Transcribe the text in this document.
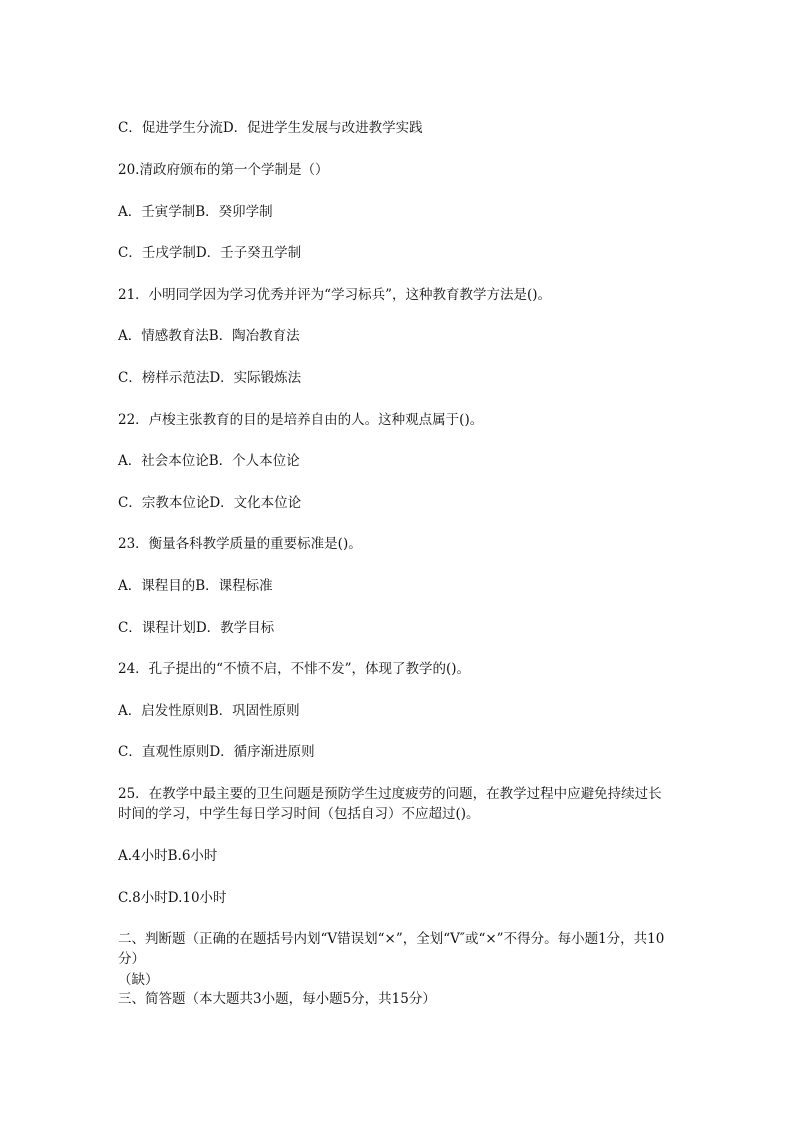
C．促进学生分流D．促进学生发展与改进教学实践
20.清政府颁布的第一个学制是（）
A．壬寅学制B．癸卯学制
C．壬戌学制D．壬子癸丑学制
21．小明同学因为学习优秀并评为“学习标兵”，这种教育教学方法是()。
A．情感教育法B．陶冶教育法
C．榜样示范法D．实际锻炼法
22．卢梭主张教育的目的是培养自由的人。这种观点属于()。
A．社会本位论B．个人本位论
C．宗教本位论D．文化本位论
23．衡量各科教学质量的重要标准是()。
A．课程目的B．课程标准
C．课程计划D．教学目标
24．孔子提出的“不愤不启，不悱不发”，体现了教学的()。
A．启发性原则B．巩固性原则
C．直观性原则D．循序渐进原则
25．在教学中最主要的卫生问题是预防学生过度疲劳的问题，在教学过程中应避免持续过长时间的学习，中学生每日学习时间（包括自习）不应超过()。
A.4小时B.6小时
C.8小时D.10小时
二、判断题（正确的在题括号内划“V错误划“×”，全划“V″或“×”不得分。每小题1分，共10分）
（缺）
三、简答题（本大题共3小题，每小题5分，共15分）
